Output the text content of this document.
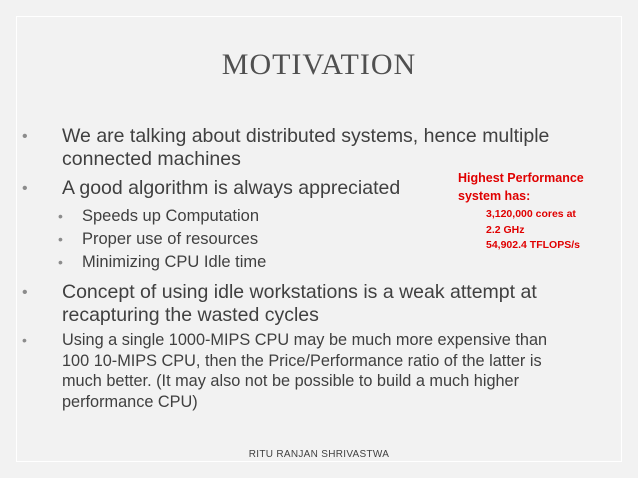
MOTIVATION
• We are talking about distributed systems, hence multiple
connected machines
• A good algorithm is always appreciated
• Speeds up Computation
• Proper use of resources
• Minimizing CPU Idle time
• Concept of using idle workstations is a weak attempt at
recapturing the wasted cycles
• Using a single 1000-MIPS CPU may be much more expensive than
100 10-MIPS CPU, then the Price/Performance ratio of the latter is
much better. (It may also not be possible to build a much higher
performance CPU)
Highest Performance
system has:
3,120,000 cores at
2.2 GHz
54,902.4 TFLOPS/s
RITU RANJAN SHRIVASTWA
